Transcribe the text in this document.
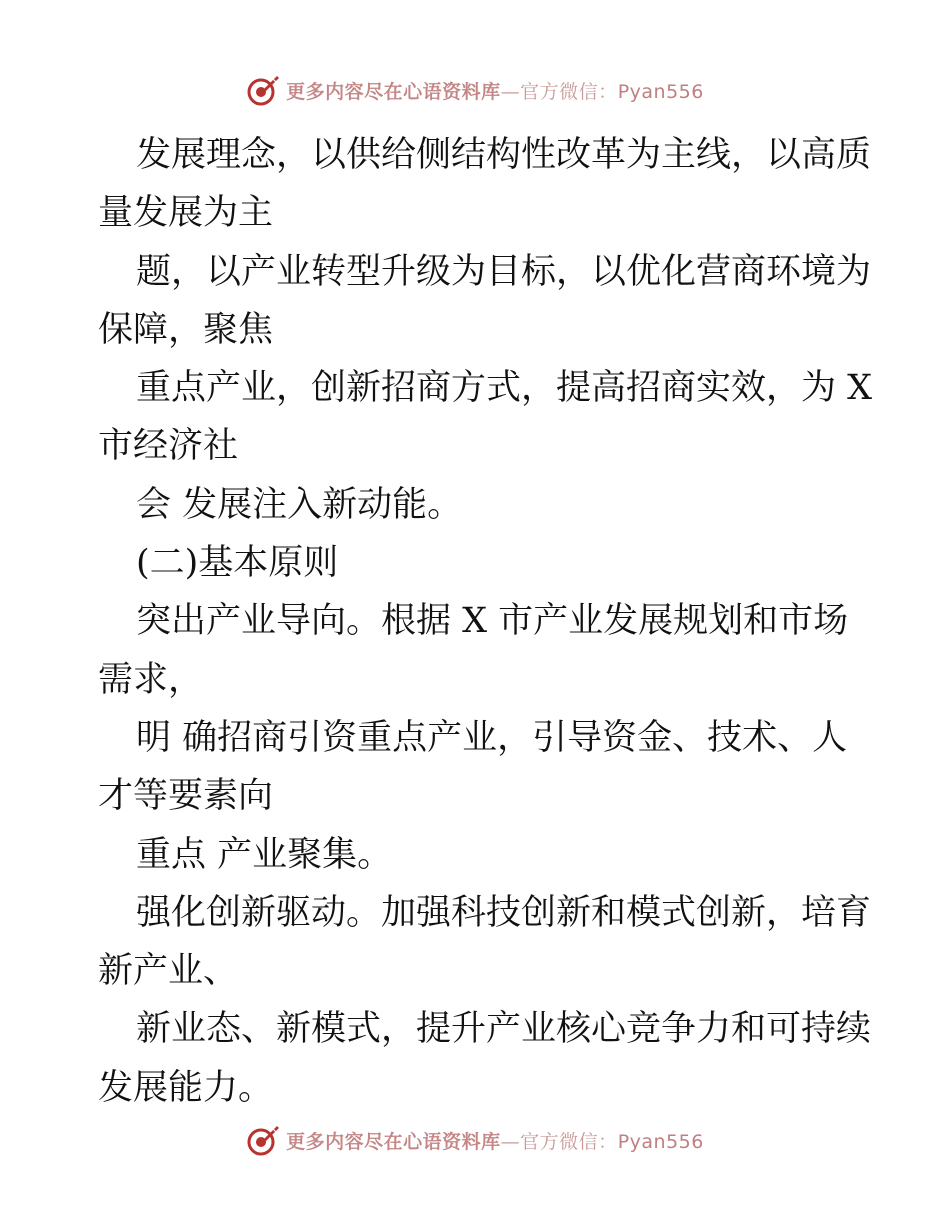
更多内容尽在心语资料库—官方微信：Pyan556
发展理念，以供给侧结构性改革为主线，以高质
量发展为主
题，以产业转型升级为目标，以优化营商环境为
保障，聚焦
重点产业，创新招商方式，提高招商实效，为 X
市经济社
会 发展注入新动能。
(二)基本原则
突出产业导向。根据 X 市产业发展规划和市场
需求，
明 确招商引资重点产业，引导资金、技术、人
才等要素向
重点 产业聚集。
强化创新驱动。加强科技创新和模式创新，培育
新产业、
新业态、新模式，提升产业核心竞争力和可持续
发展能力。
更多内容尽在心语资料库—官方微信：Pyan556
